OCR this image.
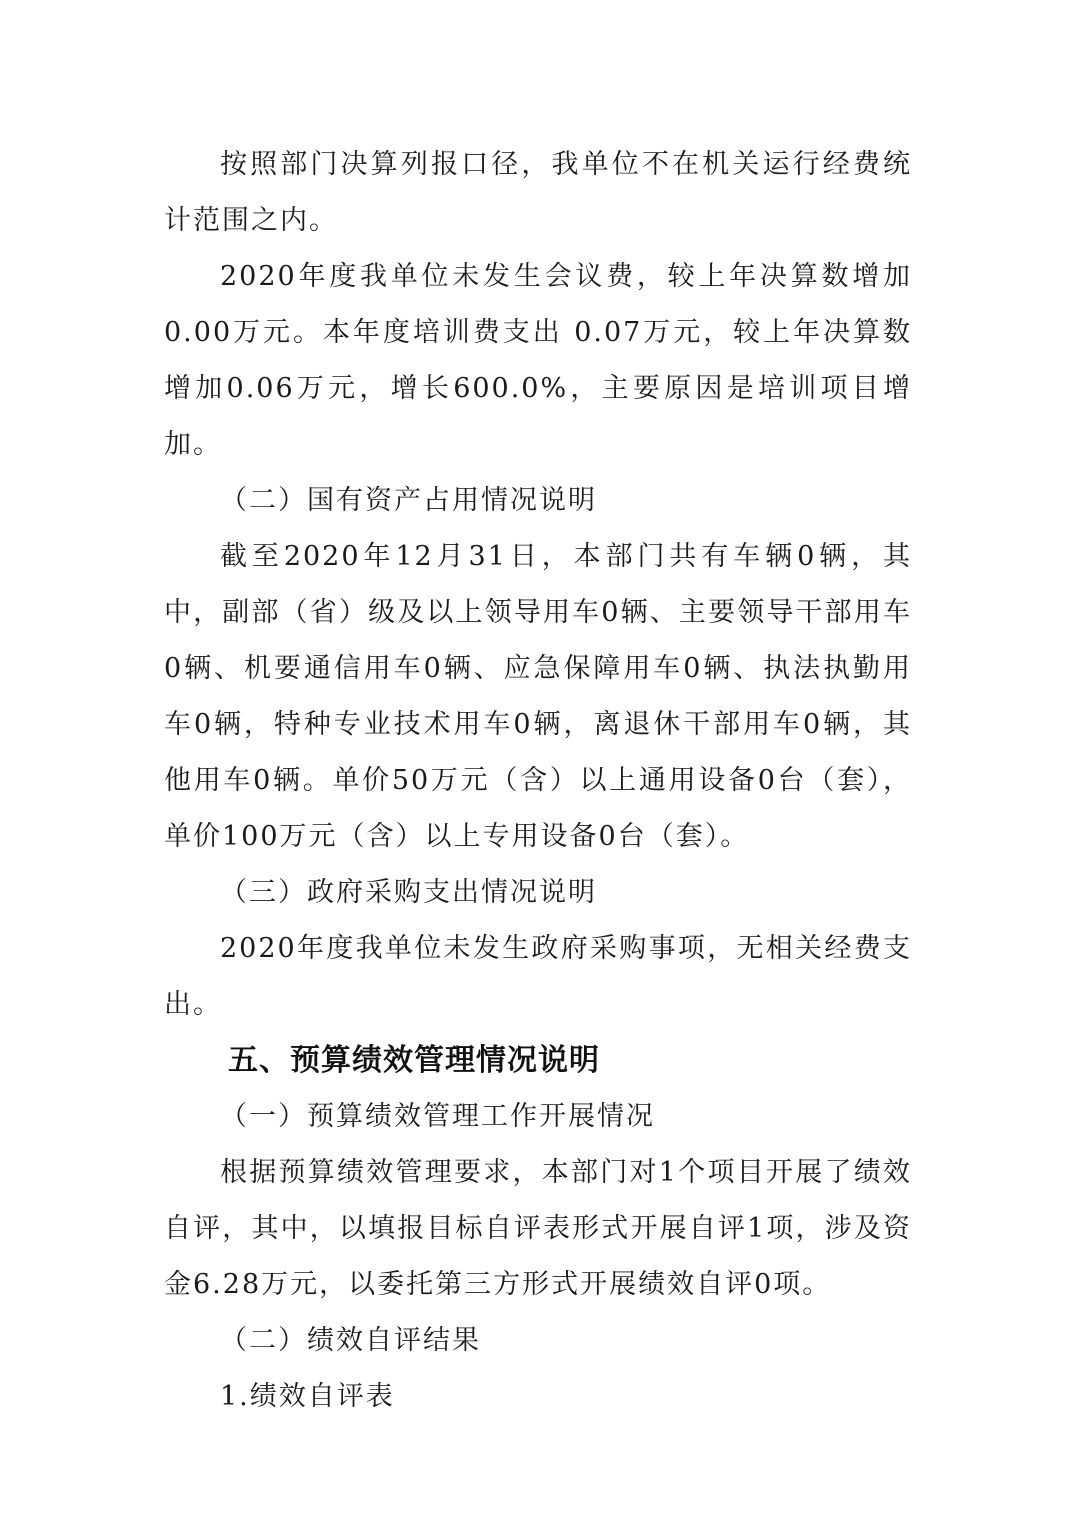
按照部门决算列报口径，我单位不在机关运行经费统计范围之内。

2020年度我单位未发生会议费，较上年决算数增加0.00万元。本年度培训费支出 0.07万元，较上年决算数增加0.06万元，增长600.0%，主要原因是培训项目增加。

（二）国有资产占用情况说明

截至2020年12月31日，本部门共有车辆0辆，其中，副部（省）级及以上领导用车0辆、主要领导干部用车0辆、机要通信用车0辆、应急保障用车0辆、执法执勤用车0辆，特种专业技术用车0辆，离退休干部用车0辆，其他用车0辆。单价50万元（含）以上通用设备0台（套），单价100万元（含）以上专用设备0台（套）。

（三）政府采购支出情况说明

2020年度我单位未发生政府采购事项，无相关经费支出。

五、预算绩效管理情况说明

（一）预算绩效管理工作开展情况

根据预算绩效管理要求，本部门对1个项目开展了绩效自评，其中，以填报目标自评表形式开展自评1项，涉及资金6.28万元，以委托第三方形式开展绩效自评0项。

（二）绩效自评结果

1.绩效自评表
